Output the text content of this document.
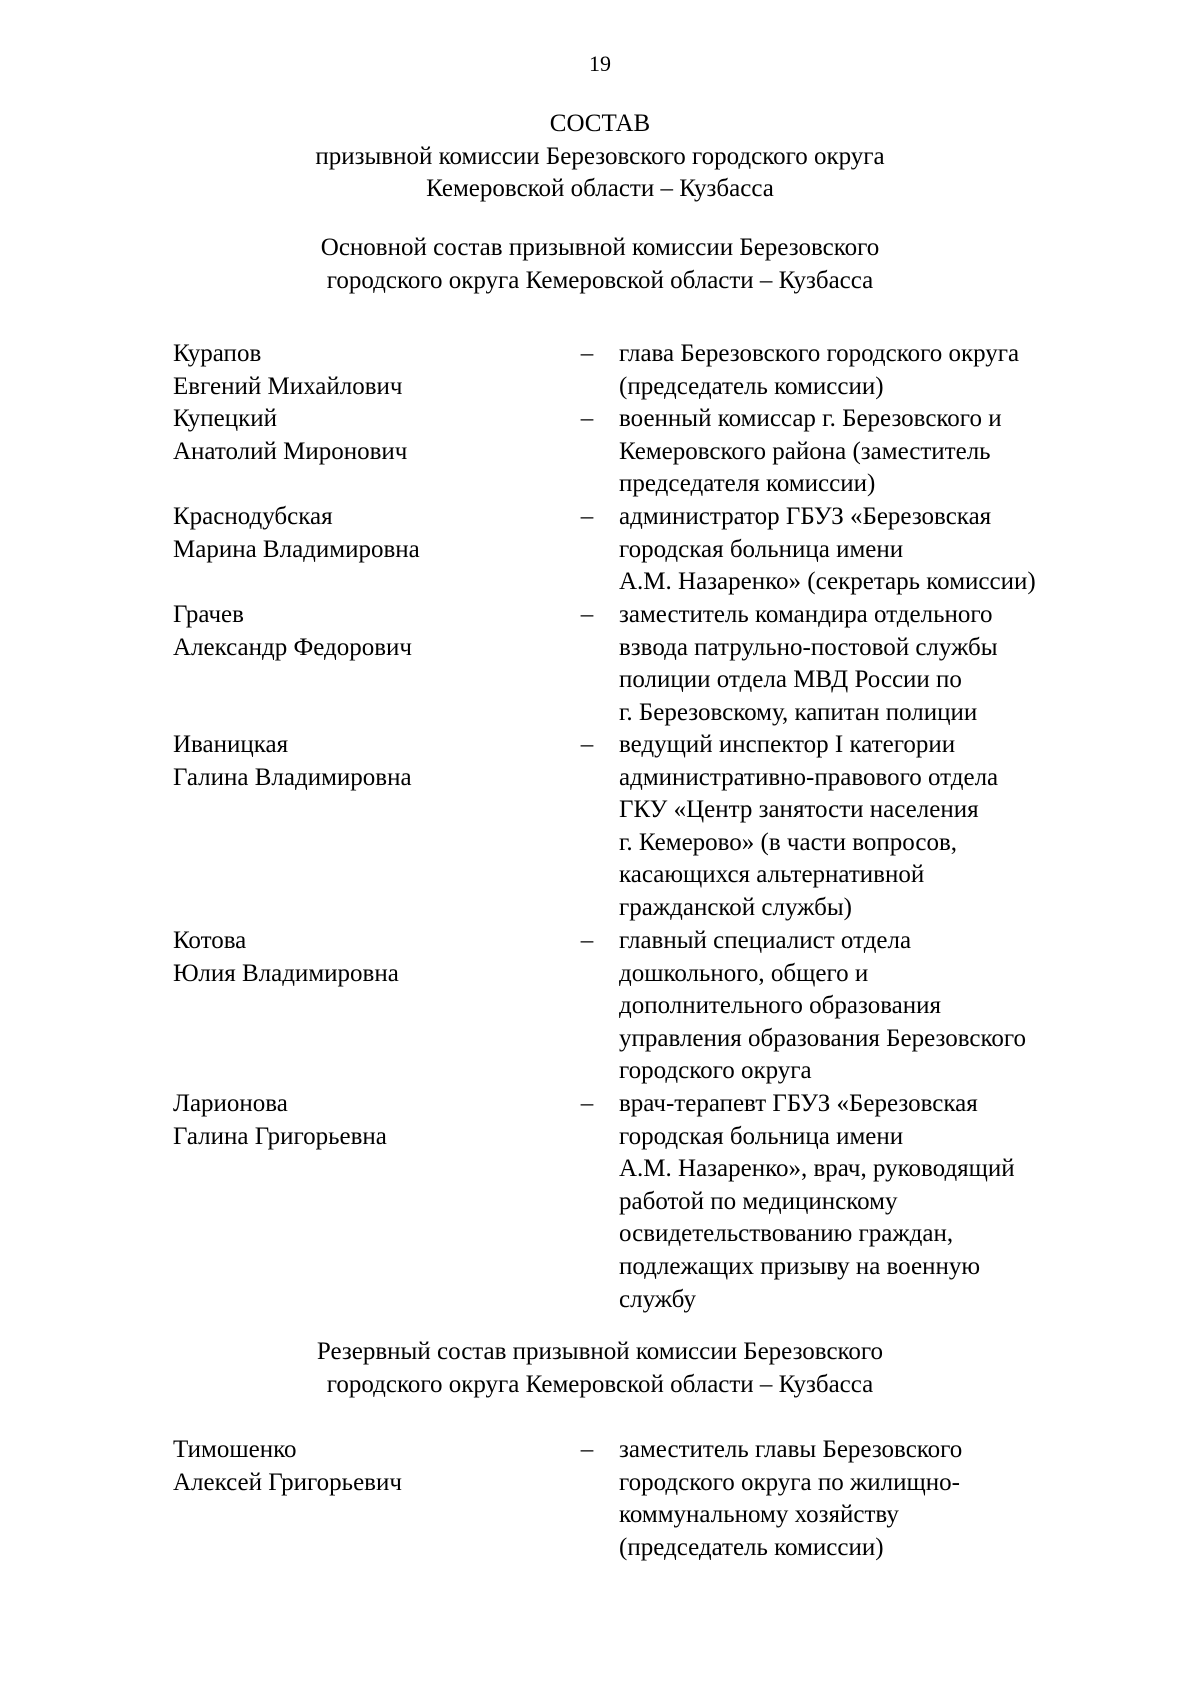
19
СОСТАВ
призывной комиссии Березовского городского округа
Кемеровской области – Кузбасса
Основной состав призывной комиссии Березовского
городского округа Кемеровской области – Кузбасса
Курапов
Евгений Михайлович
– глава Березовского городского округа
(председатель комиссии)
Купецкий
Анатолий Миронович
– военный комиссар г. Березовского и
Кемеровского района (заместитель
председателя комиссии)
Краснодубская
Марина Владимировна
– администратор ГБУЗ «Березовская
городская больница имени
А.М. Назаренко» (секретарь комиссии)
Грачев
Александр Федорович
– заместитель командира отдельного
взвода патрульно-постовой службы
полиции отдела МВД России по
г. Березовскому, капитан полиции
Иваницкая
Галина Владимировна
– ведущий инспектор I категории
административно-правового отдела
ГКУ «Центр занятости населения
г. Кемерово» (в части вопросов,
касающихся альтернативной
гражданской службы)
Котова
Юлия Владимировна
– главный специалист отдела
дошкольного, общего и
дополнительного образования
управления образования Березовского
городского округа
Ларионова
Галина Григорьевна
– врач-терапевт ГБУЗ «Березовская
городская больница имени
А.М. Назаренко», врач, руководящий
работой по медицинскому
освидетельствованию граждан,
подлежащих призыву на военную
службу
Резервный состав призывной комиссии Березовского
городского округа Кемеровской области – Кузбасса
Тимошенко
Алексей Григорьевич
– заместитель главы Березовского
городского округа по жилищно-
коммунальному хозяйству
(председатель комиссии)
